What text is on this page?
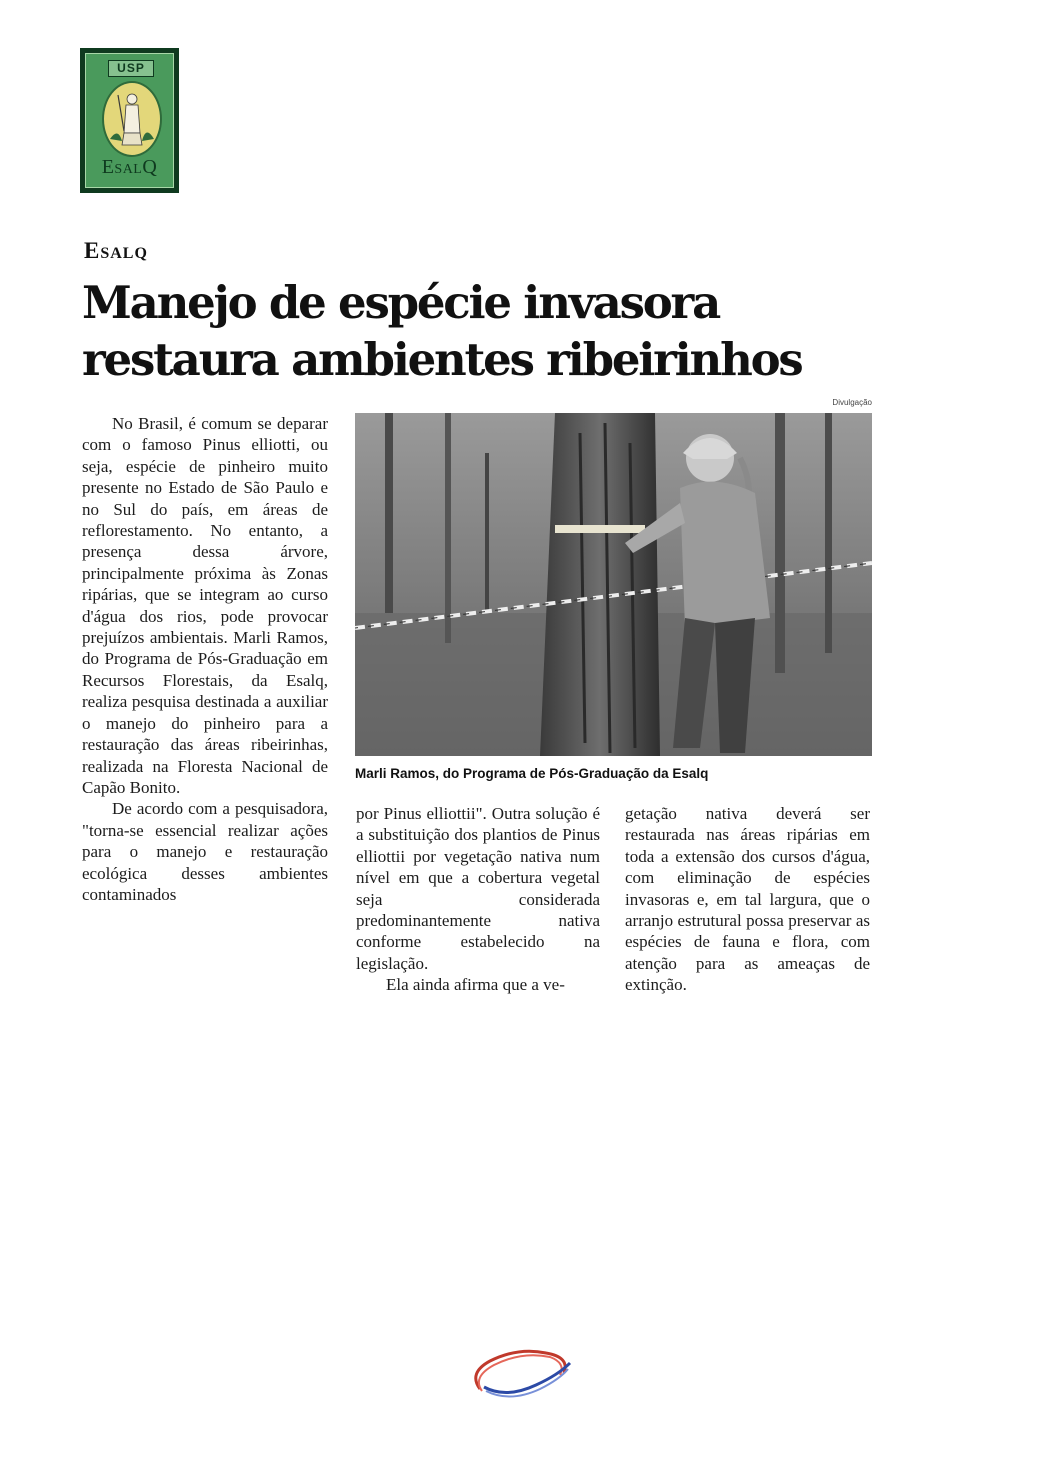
USP
EsalQ
Esalq
Manejo de espécie invasora restaura ambientes ribeirinhos

No Brasil, é comum se deparar com o famoso Pinus elliotti, ou seja, espécie de pinheiro muito presente no Estado de São Paulo e no Sul do país, em áreas de reflorestamento. No entanto, a presença dessa árvore, principalmente próxima às Zonas ripárias, que se integram ao curso d'água dos rios, pode provocar prejuízos ambientais. Marli Ramos, do Programa de Pós-Graduação em Recursos Florestais, da Esalq, realiza pesquisa destinada a auxiliar o manejo do pinheiro para a restauração das áreas ribeirinhas, realizada na Floresta Nacional de Capão Bonito.

De acordo com a pesquisadora, "torna-se essencial realizar ações para o manejo e restauração ecológica desses ambientes contaminados

Divulgação
Marli Ramos, do Programa de Pós-Graduação da Esalq

por Pinus elliottii". Outra solução é a substituição dos plantios de Pinus elliottii por vegetação nativa num nível em que a cobertura vegetal seja considerada predominantemente nativa conforme estabelecido na legislação.

Ela ainda afirma que a ve-

getação nativa deverá ser restaurada nas áreas ripárias em toda a extensão dos cursos d'água, com eliminação de espécies invasoras e, em tal largura, que o arranjo estrutural possa preservar as espécies de fauna e flora, com atenção para as ameaças de extinção.
